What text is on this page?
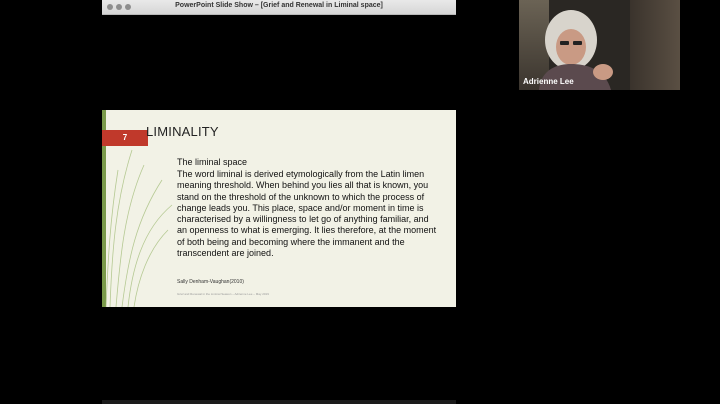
PowerPoint Slide Show – [Grief and Renewal in Liminal space]
7	LIMINALITY
The liminal space
The word liminal is derived etymologically from the Latin limen meaning threshold. When behind you lies all that is known, you stand on the threshold of the unknown to which the process of change leads you. This place, space and/or moment in time is characterised by a willingness to let go of anything familiar, and an openness to what is emerging. It lies therefore, at the moment of both being and becoming where the immanent and the transcendent are joined.
Sally Denham-Vaughan(2010)
Grief and Renewal in the Liminal Season – Adrienne Lee – May 2019
Adrienne Lee
